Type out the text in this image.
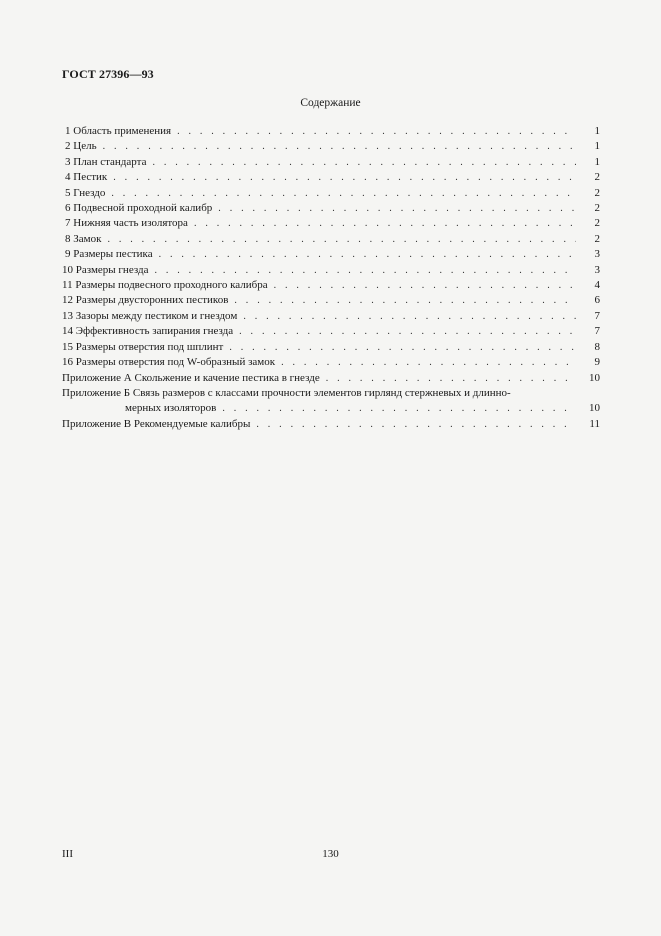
ГОСТ 27396—93
Содержание
1 Область применения . . .	1
2 Цель . . .	1
3 План стандарта . . .	1
4 Пестик . . .	2
5 Гнездо . . .	2
6 Подвесной проходной калибр . . .	2
7 Нижняя часть изолятора . . .	2
8 Замок . . .	2
9 Размеры пестика . . .	3
10 Размеры гнезда . . .	3
11 Размеры подвесного проходного калибра . . .	4
12 Размеры двусторонних пестиков . . .	6
13 Зазоры между пестиком и гнездом . . .	7
14 Эффективность запирания гнезда . . .	7
15 Размеры отверстия под шплинт . . .	8
16 Размеры отверстия под W-образный замок . . .	9
Приложение А Скольжение и качение пестика в гнезде . . .	10
Приложение Б Связь размеров с классами прочности элементов гирлянд стержневых и длинно-
мерных изоляторов . . .	10
Приложение В Рекомендуемые калибры . . .	11
III	130
